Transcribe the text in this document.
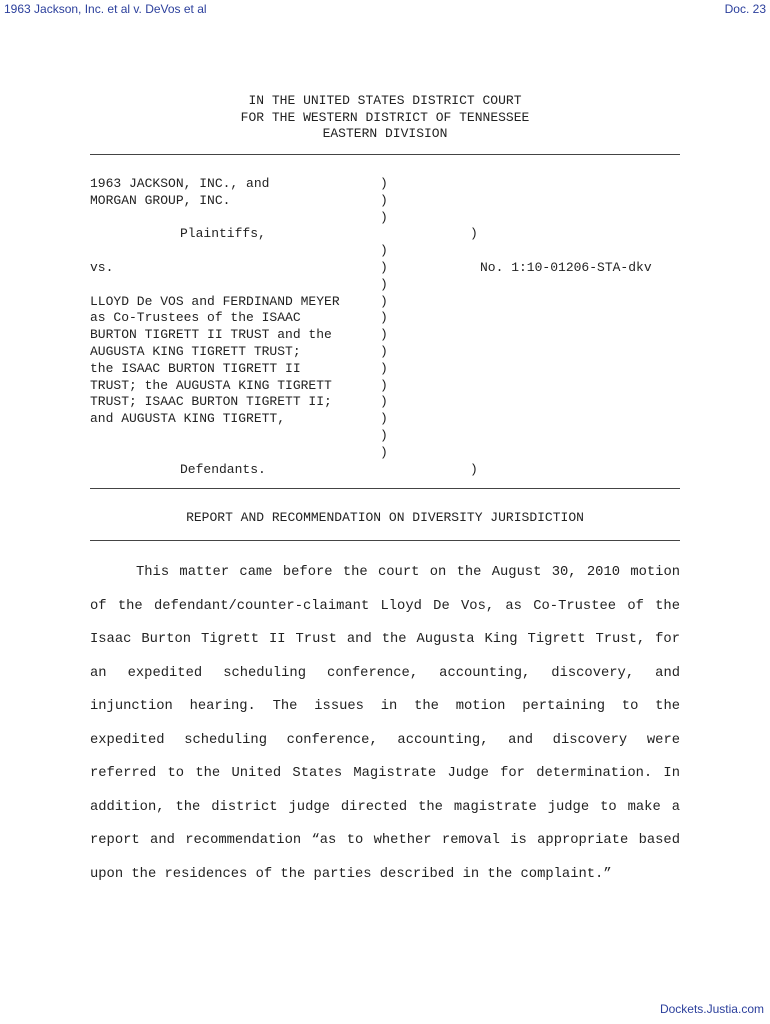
1963 Jackson, Inc. et al v. DeVos et al	Doc. 23
IN THE UNITED STATES DISTRICT COURT
FOR THE WESTERN DISTRICT OF TENNESSEE
EASTERN DIVISION
1963 JACKSON, INC., and	)
MORGAN GROUP, INC.	)
)
Plaintiffs,	)
)
vs.	)
)
LLOYD De VOS and FERDINAND MEYER	)
as Co-Trustees of the ISAAC	)
BURTON TIGRETT II TRUST and the	)
AUGUSTA KING TIGRETT TRUST;	)
the ISAAC BURTON TIGRETT II	)
TRUST; the AUGUSTA KING TIGRETT	)
TRUST; ISAAC BURTON TIGRETT II;	)
and AUGUSTA KING TIGRETT,	)
)
)
Defendants.	)
No. 1:10-01206-STA-dkv
REPORT AND RECOMMENDATION ON DIVERSITY JURISDICTION

This matter came before the court on the August 30, 2010 motion of the defendant/counter-claimant Lloyd De Vos, as Co-Trustee of the Isaac Burton Tigrett II Trust and the Augusta King Tigrett Trust, for an expedited scheduling conference, accounting, discovery, and injunction hearing. The issues in the motion pertaining to the expedited scheduling conference, accounting, and discovery were referred to the United States Magistrate Judge for determination. In addition, the district judge directed the magistrate judge to make a report and recommendation “as to whether removal is appropriate based upon the residences of the parties described in the complaint.”

Dockets.Justia.com
